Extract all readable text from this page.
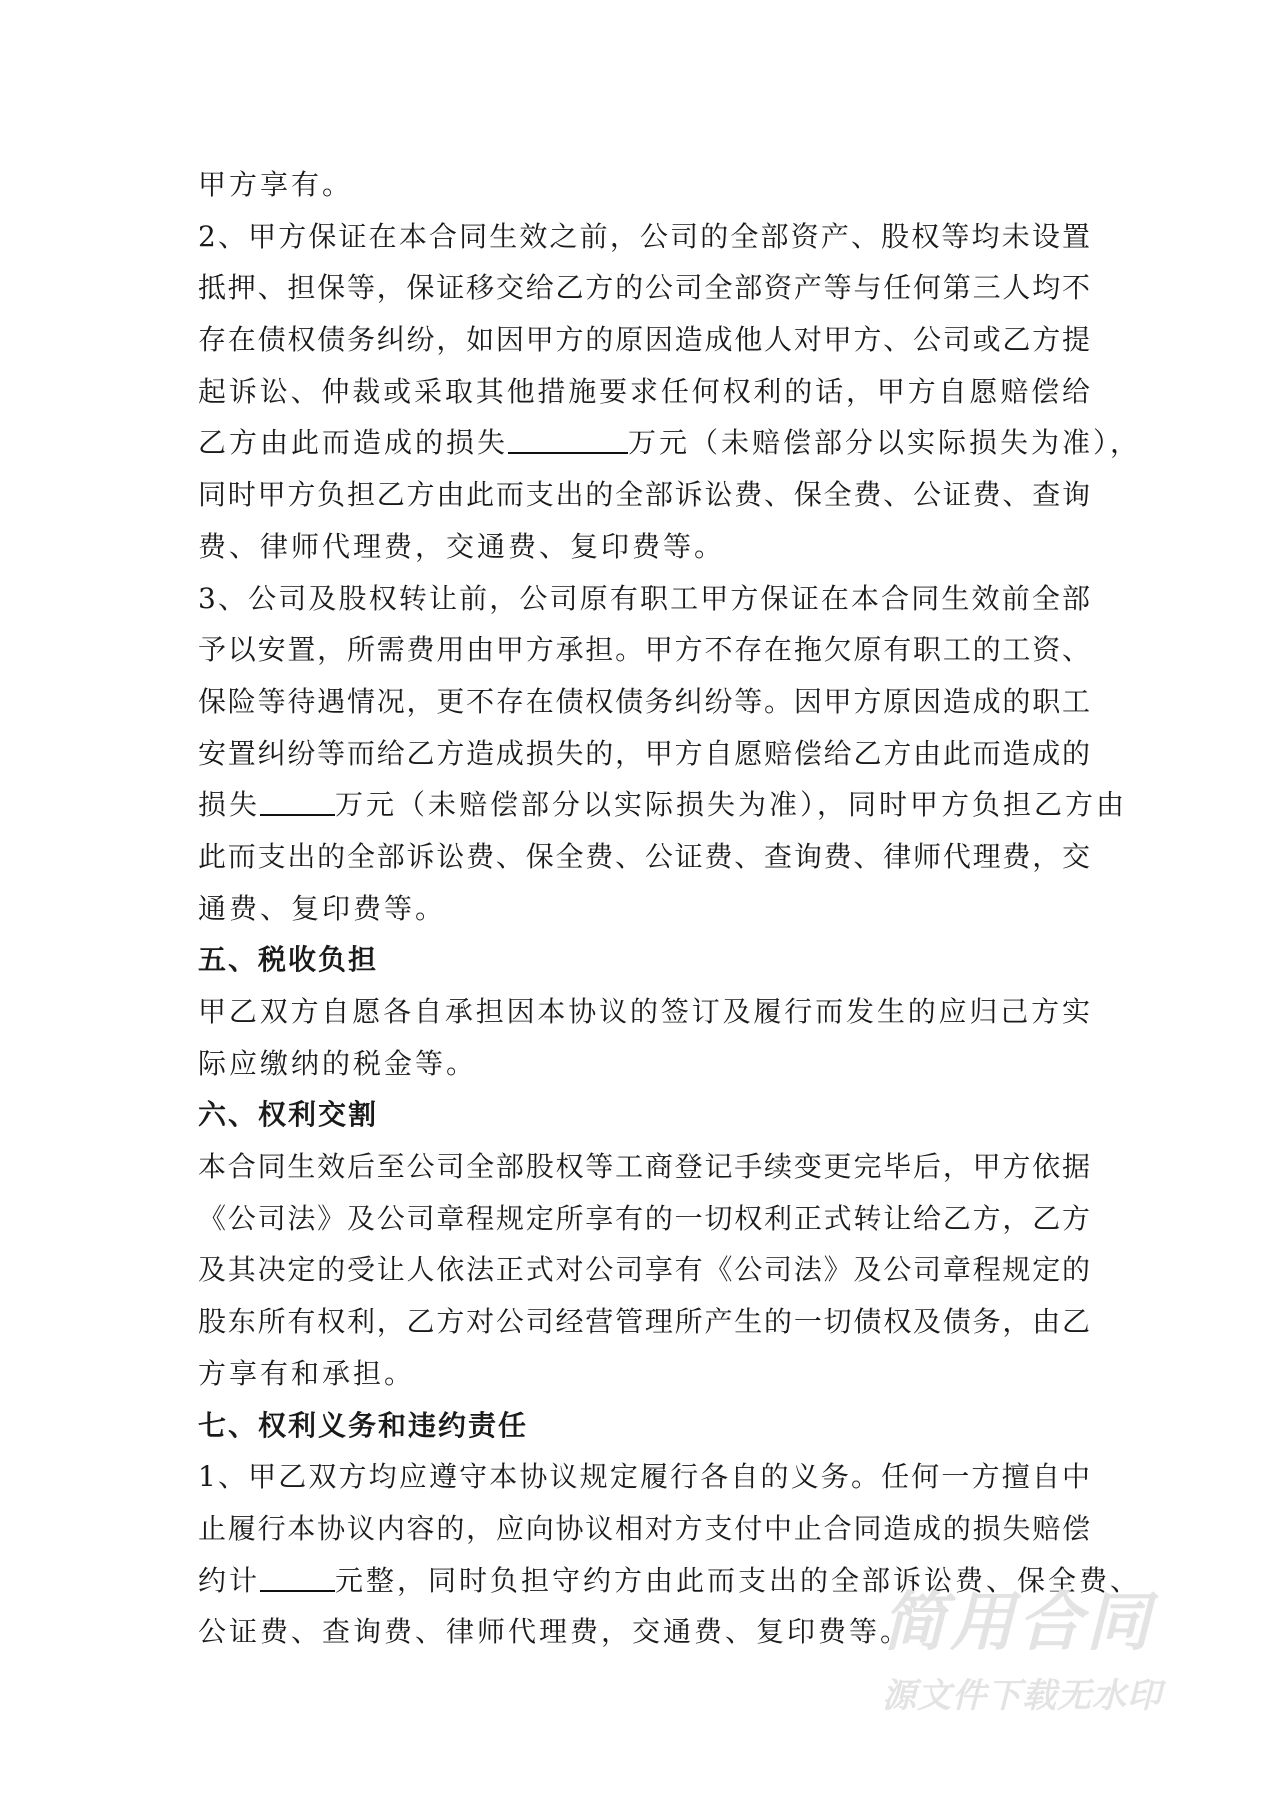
甲方享有。
2、甲方保证在本合同生效之前，公司的全部资产、股权等均未设置
抵押、担保等，保证移交给乙方的公司全部资产等与任何第三人均不
存在债权债务纠纷，如因甲方的原因造成他人对甲方、公司或乙方提
起诉讼、仲裁或采取其他措施要求任何权利的话，甲方自愿赔偿给
乙方由此而造成的损失	万元（未赔偿部分以实际损失为准），
同时甲方负担乙方由此而支出的全部诉讼费、保全费、公证费、查询
费、律师代理费，交通费、复印费等。
3、公司及股权转让前，公司原有职工甲方保证在本合同生效前全部
予以安置，所需费用由甲方承担。甲方不存在拖欠原有职工的工资、
保险等待遇情况，更不存在债权债务纠纷等。因甲方原因造成的职工
安置纠纷等而给乙方造成损失的，甲方自愿赔偿给乙方由此而造成的
损失	万元（未赔偿部分以实际损失为准），同时甲方负担乙方由
此而支出的全部诉讼费、保全费、公证费、查询费、律师代理费，交
通费、复印费等。
五、税收负担
甲乙双方自愿各自承担因本协议的签订及履行而发生的应归己方实
际应缴纳的税金等。
六、权利交割
本合同生效后至公司全部股权等工商登记手续变更完毕后，甲方依据
《公司法》及公司章程规定所享有的一切权利正式转让给乙方，乙方
及其决定的受让人依法正式对公司享有《公司法》及公司章程规定的
股东所有权利，乙方对公司经营管理所产生的一切债权及债务，由乙
方享有和承担。
七、权利义务和违约责任
1、甲乙双方均应遵守本协议规定履行各自的义务。任何一方擅自中
止履行本协议内容的，应向协议相对方支付中止合同造成的损失赔偿
约计	元整，同时负担守约方由此而支出的全部诉讼费、保全费、
公证费、查询费、律师代理费，交通费、复印费等。
简用合同
源文件下载无水印
